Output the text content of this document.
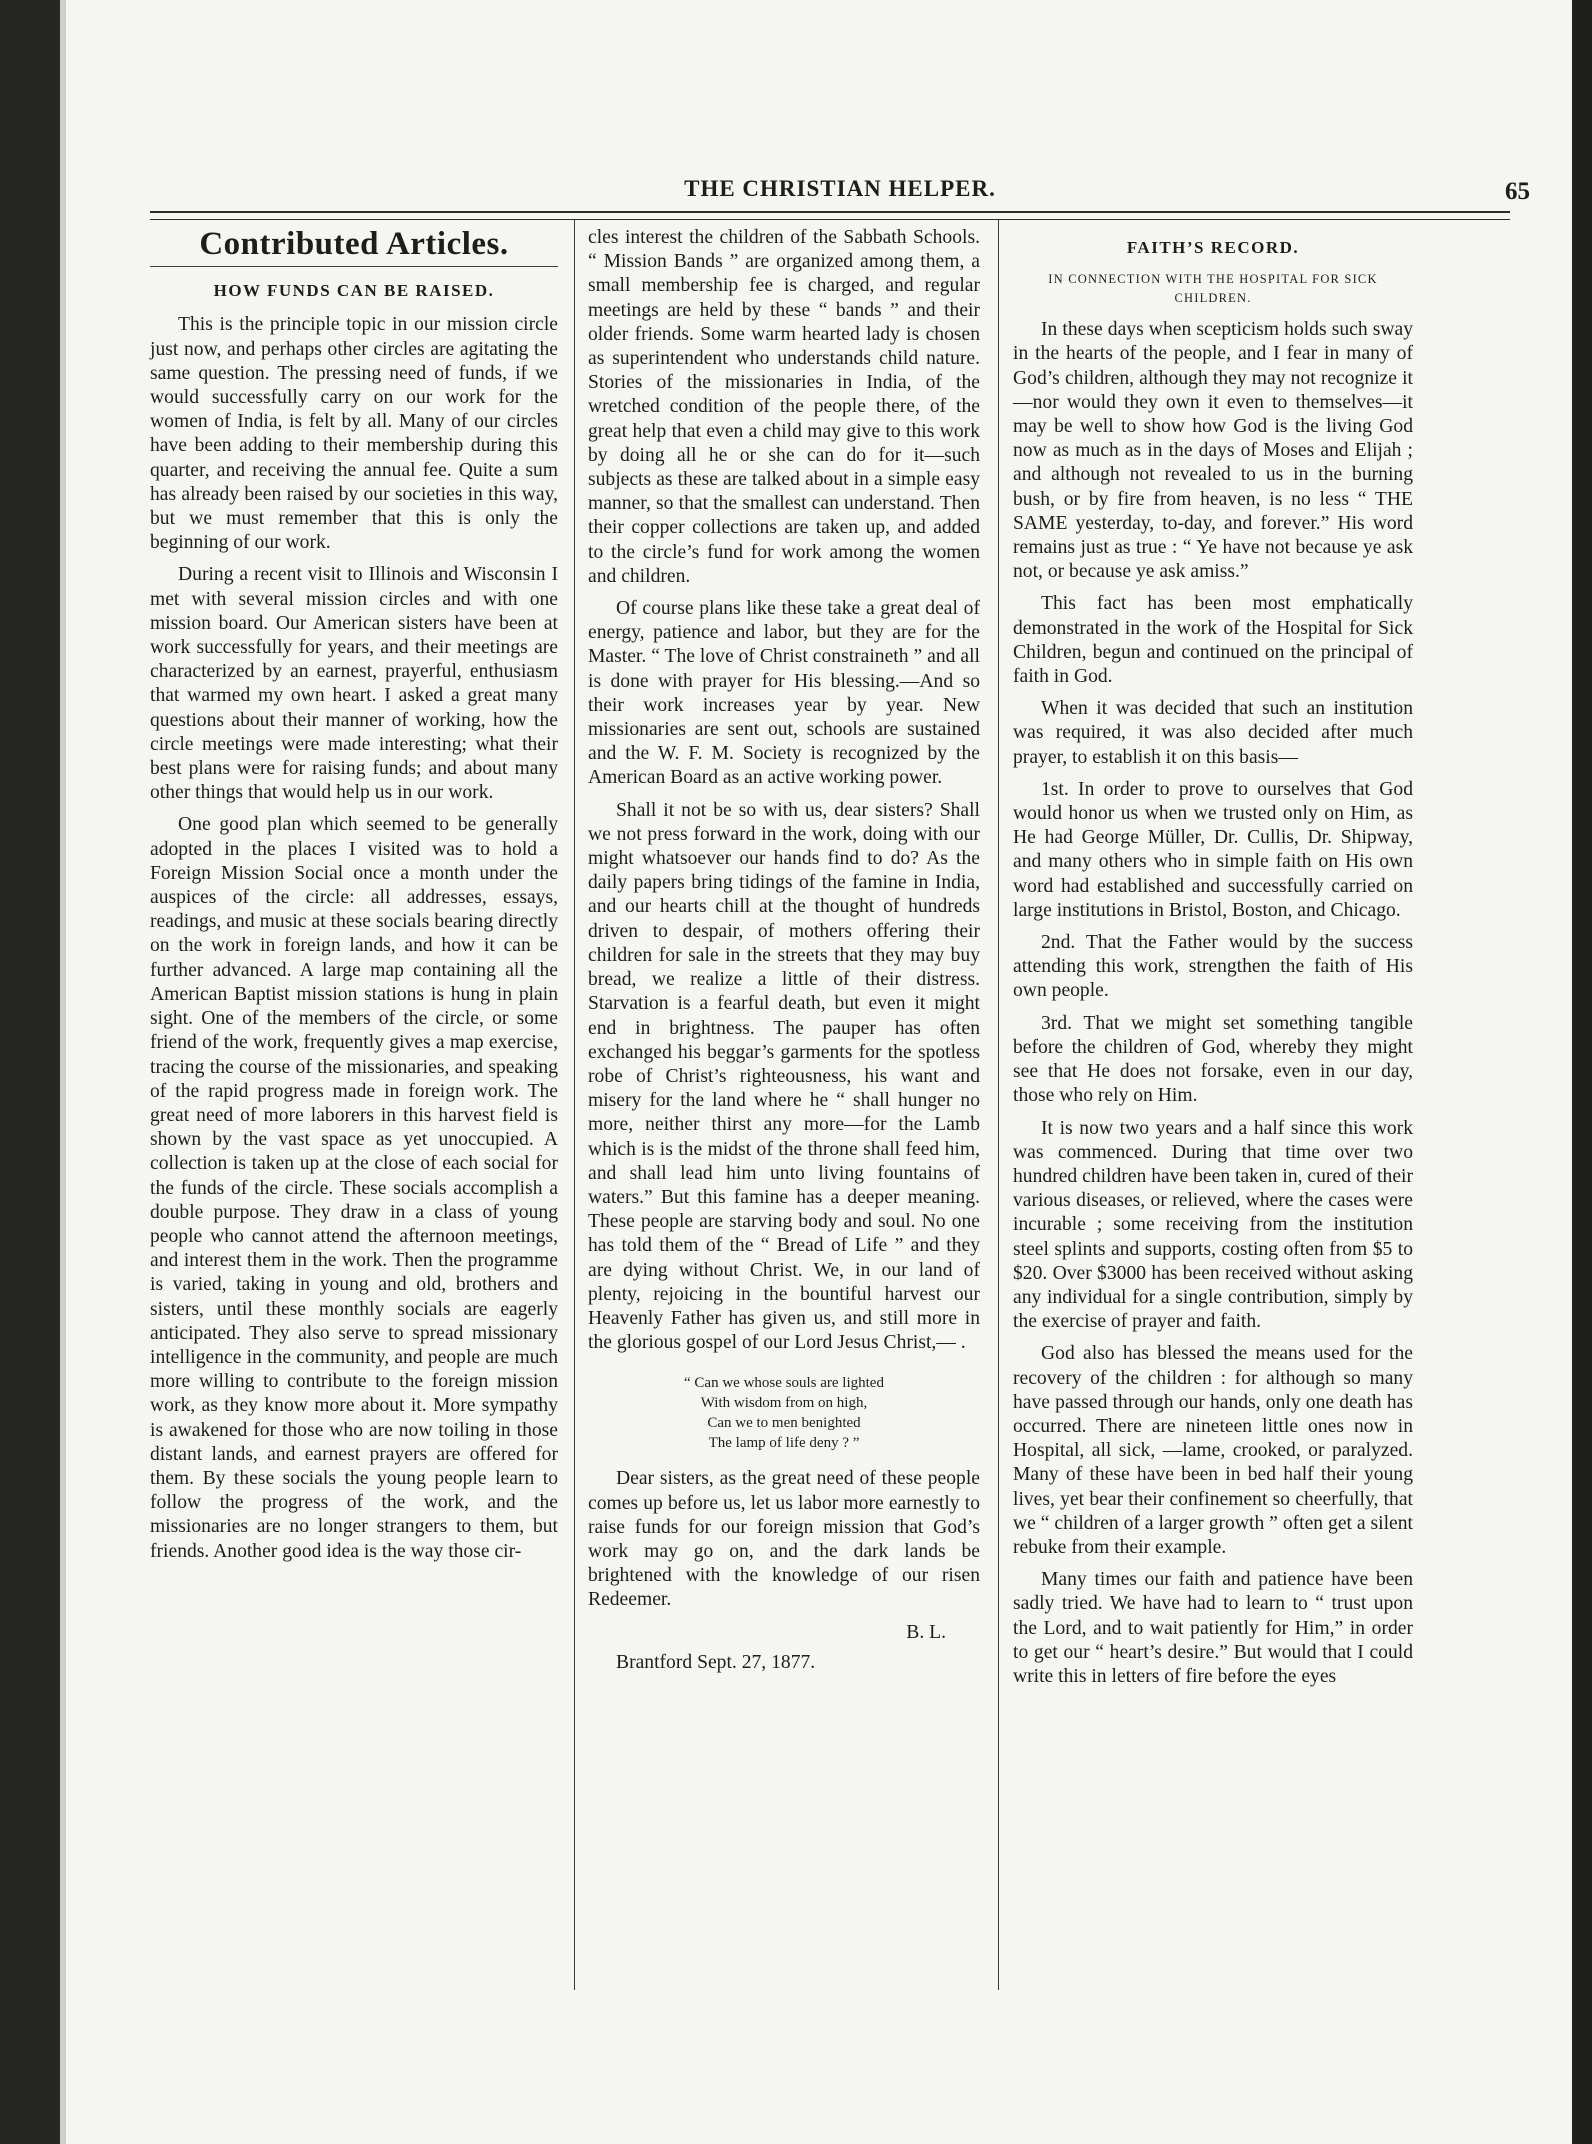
THE CHRISTIAN HELPER.	65
Contributed Articles.
HOW FUNDS CAN BE RAISED.

This is the principle topic in our mission circle just now, and perhaps other circles are agitating the same question. The pressing need of funds, if we would successfully carry on our work for the women of India, is felt by all. Many of our circles have been adding to their membership during this quarter, and receiving the annual fee. Quite a sum has already been raised by our societies in this way, but we must remember that this is only the beginning of our work.

During a recent visit to Illinois and Wisconsin I met with several mission circles and with one mission board. Our American sisters have been at work successfully for years, and their meetings are characterized by an earnest, prayerful, enthusiasm that warmed my own heart. I asked a great many questions about their manner of working, how the circle meetings were made interesting; what their best plans were for raising funds; and about many other things that would help us in our work.

One good plan which seemed to be generally adopted in the places I visited was to hold a Foreign Mission Social once a month under the auspices of the circle: all addresses, essays, readings, and music at these socials bearing directly on the work in foreign lands, and how it can be further advanced. A large map containing all the American Baptist mission stations is hung in plain sight. One of the members of the circle, or some friend of the work, frequently gives a map exercise, tracing the course of the missionaries, and speaking of the rapid progress made in foreign work. The great need of more laborers in this harvest field is shown by the vast space as yet unoccupied. A collection is taken up at the close of each social for the funds of the circle. These socials accomplish a double purpose. They draw in a class of young people who cannot attend the afternoon meetings, and interest them in the work. Then the programme is varied, taking in young and old, brothers and sisters, until these monthly socials are eagerly anticipated. They also serve to spread missionary intelligence in the community, and people are much more willing to contribute to the foreign mission work, as they know more about it. More sympathy is awakened for those who are now toiling in those distant lands, and earnest prayers are offered for them. By these socials the young people learn to follow the progress of the work, and the missionaries are no longer strangers to them, but friends. Another good idea is the way those cir-

cles interest the children of the Sabbath Schools. “ Mission Bands ” are organized among them, a small membership fee is charged, and regular meetings are held by these “ bands ” and their older friends. Some warm hearted lady is chosen as superintendent who understands child nature. Stories of the missionaries in India, of the wretched condition of the people there, of the great help that even a child may give to this work by doing all he or she can do for it—such subjects as these are talked about in a simple easy manner, so that the smallest can understand. Then their copper collections are taken up, and added to the circle’s fund for work among the women and children.

Of course plans like these take a great deal of energy, patience and labor, but they are for the Master. “ The love of Christ constraineth ” and all is done with prayer for His blessing.—And so their work increases year by year. New missionaries are sent out, schools are sustained and the W. F. M. Society is recognized by the American Board as an active working power.

Shall it not be so with us, dear sisters? Shall we not press forward in the work, doing with our might whatsoever our hands find to do? As the daily papers bring tidings of the famine in India, and our hearts chill at the thought of hundreds driven to despair, of mothers offering their children for sale in the streets that they may buy bread, we realize a little of their distress. Starvation is a fearful death, but even it might end in brightness. The pauper has often exchanged his beggar’s garments for the spotless robe of Christ’s righteousness, his want and misery for the land where he “ shall hunger no more, neither thirst any more—for the Lamb which is is the midst of the throne shall feed him, and shall lead him unto living fountains of waters.” But this famine has a deeper meaning. These people are starving body and soul. No one has told them of the “ Bread of Life ” and they are dying without Christ. We, in our land of plenty, rejoicing in the bountiful harvest our Heavenly Father has given us, and still more in the glorious gospel of our Lord Jesus Christ,— .

“ Can we whose souls are lighted
With wisdom from on high,
Can we to men benighted
The lamp of life deny ? ”

Dear sisters, as the great need of these people comes up before us, let us labor more earnestly to raise funds for our foreign mission that God’s work may go on, and the dark lands be brightened with the knowledge of our risen Redeemer.

B. L.
Brantford Sept. 27, 1877.
FAITH’S RECORD.
IN CONNECTION WITH THE HOSPITAL FOR SICK CHILDREN.

In these days when scepticism holds such sway in the hearts of the people, and I fear in many of God’s children, although they may not recognize it—nor would they own it even to themselves—it may be well to show how God is the living God now as much as in the days of Moses and Elijah ; and although not revealed to us in the burning bush, or by fire from heaven, is no less “ THE SAME yesterday, to-day, and forever.” His word remains just as true : “ Ye have not because ye ask not, or because ye ask amiss.”

This fact has been most emphatically demonstrated in the work of the Hospital for Sick Children, begun and continued on the principal of faith in God.

When it was decided that such an institution was required, it was also decided after much prayer, to establish it on this basis—

1st. In order to prove to ourselves that God would honor us when we trusted only on Him, as He had George Müller, Dr. Cullis, Dr. Shipway, and many others who in simple faith on His own word had established and successfully carried on large institutions in Bristol, Boston, and Chicago.

2nd. That the Father would by the success attending this work, strengthen the faith of His own people.

3rd. That we might set something tangible before the children of God, whereby they might see that He does not forsake, even in our day, those who rely on Him.

It is now two years and a half since this work was commenced. During that time over two hundred children have been taken in, cured of their various diseases, or relieved, where the cases were incurable ; some receiving from the institution steel splints and supports, costing often from $5 to $20. Over $3000 has been received without asking any individual for a single contribution, simply by the exercise of prayer and faith.

God also has blessed the means used for the recovery of the children : for although so many have passed through our hands, only one death has occurred. There are nineteen little ones now in Hospital, all sick, —lame, crooked, or paralyzed. Many of these have been in bed half their young lives, yet bear their confinement so cheerfully, that we “ children of a larger growth ” often get a silent rebuke from their example.

Many times our faith and patience have been sadly tried. We have had to learn to “ trust upon the Lord, and to wait patiently for Him,” in order to get our “ heart’s desire.” But would that I could write this in letters of fire before the eyes
